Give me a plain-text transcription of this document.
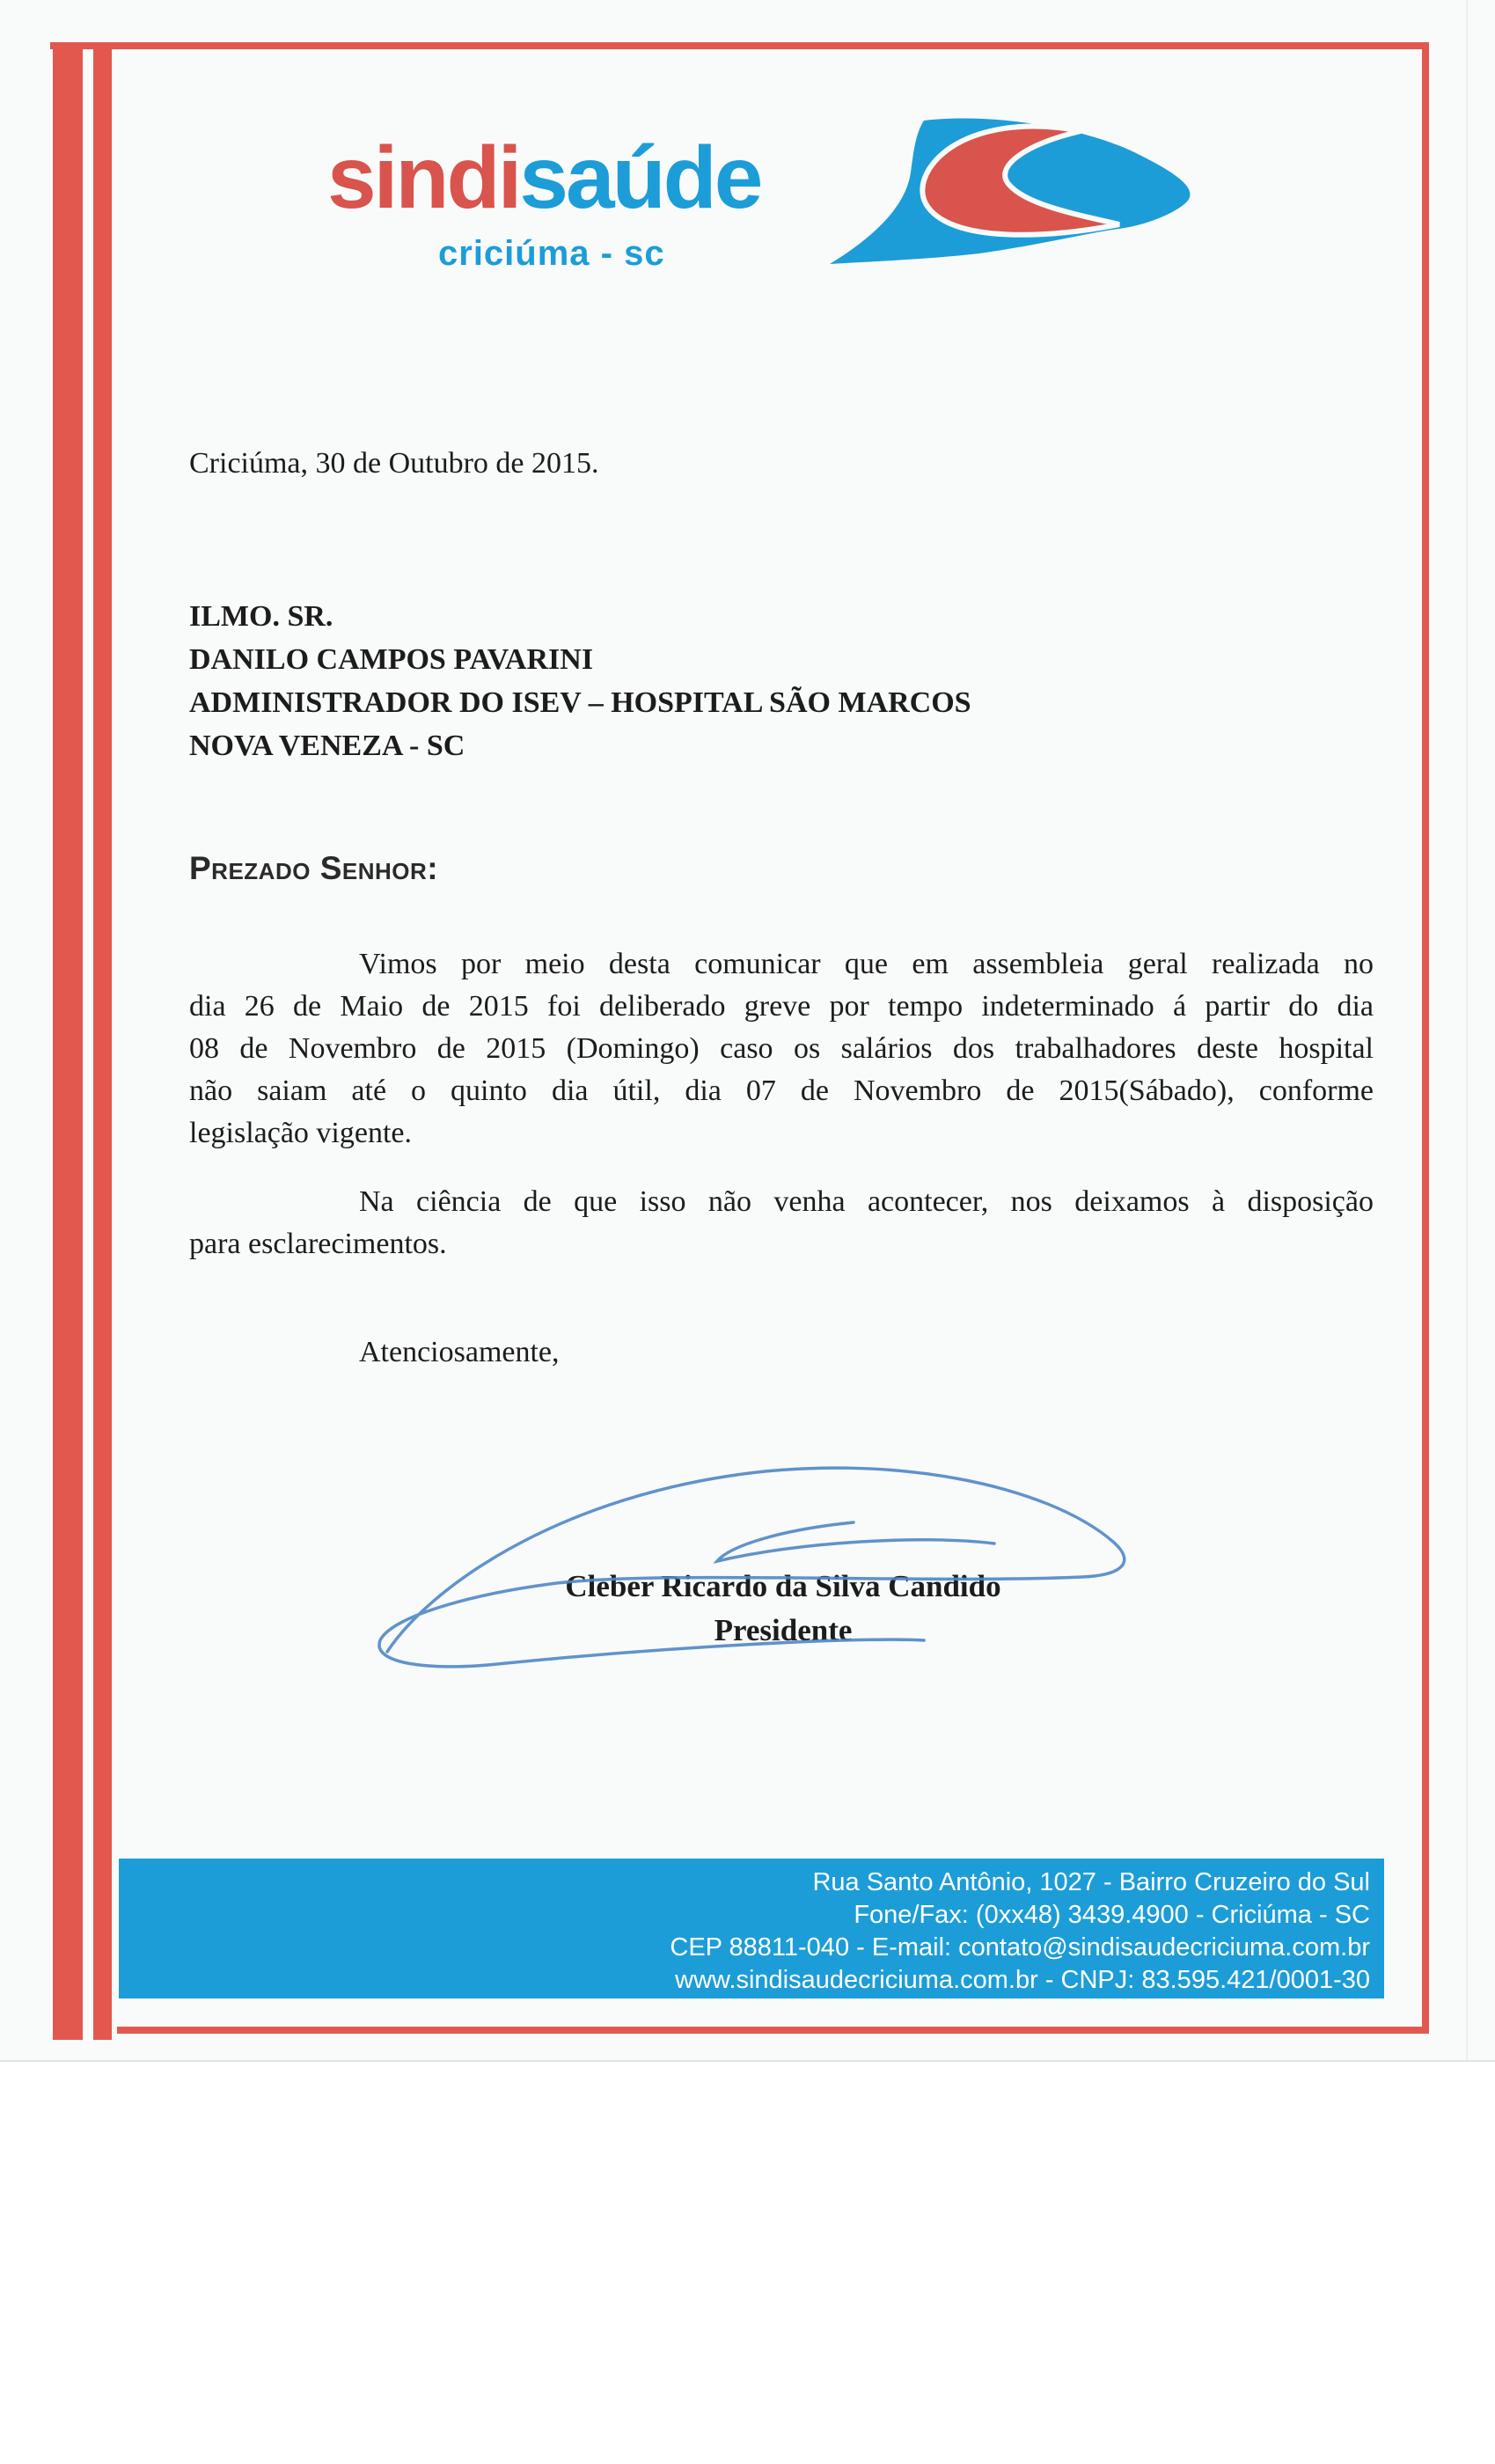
sindisaúde
criciúma - sc
Criciúma, 30 de Outubro de 2015.
ILMO. SR.
DANILO CAMPOS PAVARINI
ADMINISTRADOR DO ISEV – HOSPITAL SÃO MARCOS
NOVA VENEZA - SC
Prezado Senhor:
Vimos por meio desta comunicar que em assembleia geral realizada no
dia 26 de Maio de 2015 foi deliberado greve por tempo indeterminado á partir do dia
08 de Novembro de 2015 (Domingo) caso os salários dos trabalhadores deste hospital
não saiam até o quinto dia útil, dia 07 de Novembro de 2015(Sábado), conforme
legislação vigente.
Na ciência de que isso não venha acontecer, nos deixamos à disposição
para esclarecimentos.
Atenciosamente,
Cleber Ricardo da Silva Candido
Presidente
Rua Santo Antônio, 1027 - Bairro Cruzeiro do Sul
Fone/Fax: (0xx48) 3439.4900 - Criciúma - SC
CEP 88811-040 - E-mail: contato@sindisaudecriciuma.com.br
www.sindisaudecriciuma.com.br - CNPJ: 83.595.421/0001-30
